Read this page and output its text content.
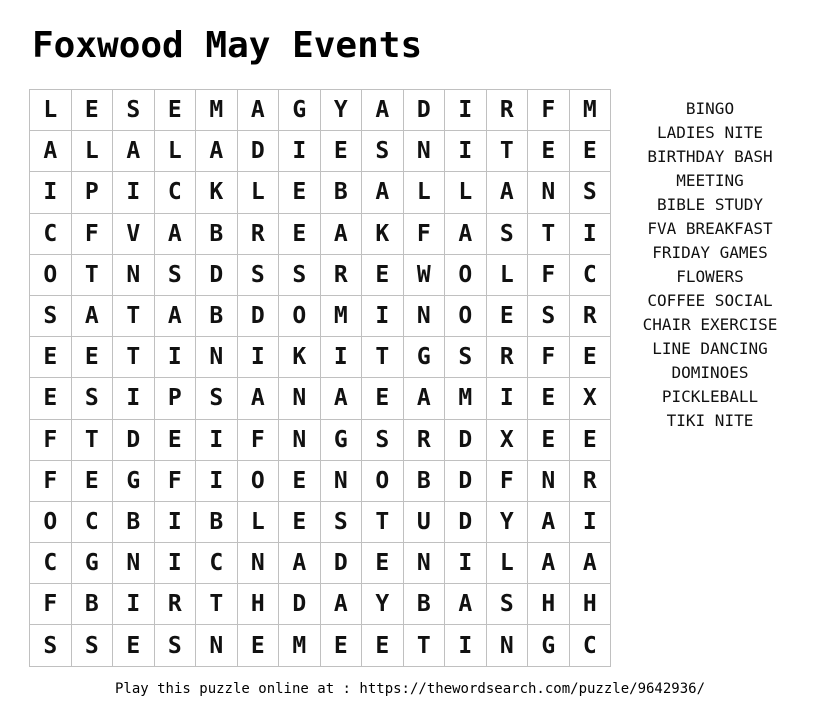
Foxwood May Events
L	E	S	E	M	A	G	Y	A	D	I	R	F	M
A	L	A	L	A	D	I	E	S	N	I	T	E	E
I	P	I	C	K	L	E	B	A	L	L	A	N	S
C	F	V	A	B	R	E	A	K	F	A	S	T	I
O	T	N	S	D	S	S	R	E	W	O	L	F	C
S	A	T	A	B	D	O	M	I	N	O	E	S	R
E	E	T	I	N	I	K	I	T	G	S	R	F	E
E	S	I	P	S	A	N	A	E	A	M	I	E	X
F	T	D	E	I	F	N	G	S	R	D	X	E	E
F	E	G	F	I	O	E	N	O	B	D	F	N	R
O	C	B	I	B	L	E	S	T	U	D	Y	A	I
C	G	N	I	C	N	A	D	E	N	I	L	A	A
F	B	I	R	T	H	D	A	Y	B	A	S	H	H
S	S	E	S	N	E	M	E	E	T	I	N	G	C
BINGO
LADIES NITE
BIRTHDAY BASH
MEETING
BIBLE STUDY
FVA BREAKFAST
FRIDAY GAMES
FLOWERS
COFFEE SOCIAL
CHAIR EXERCISE
LINE DANCING
DOMINOES
PICKLEBALL
TIKI NITE
Play this puzzle online at : https://thewordsearch.com/puzzle/9642936/
